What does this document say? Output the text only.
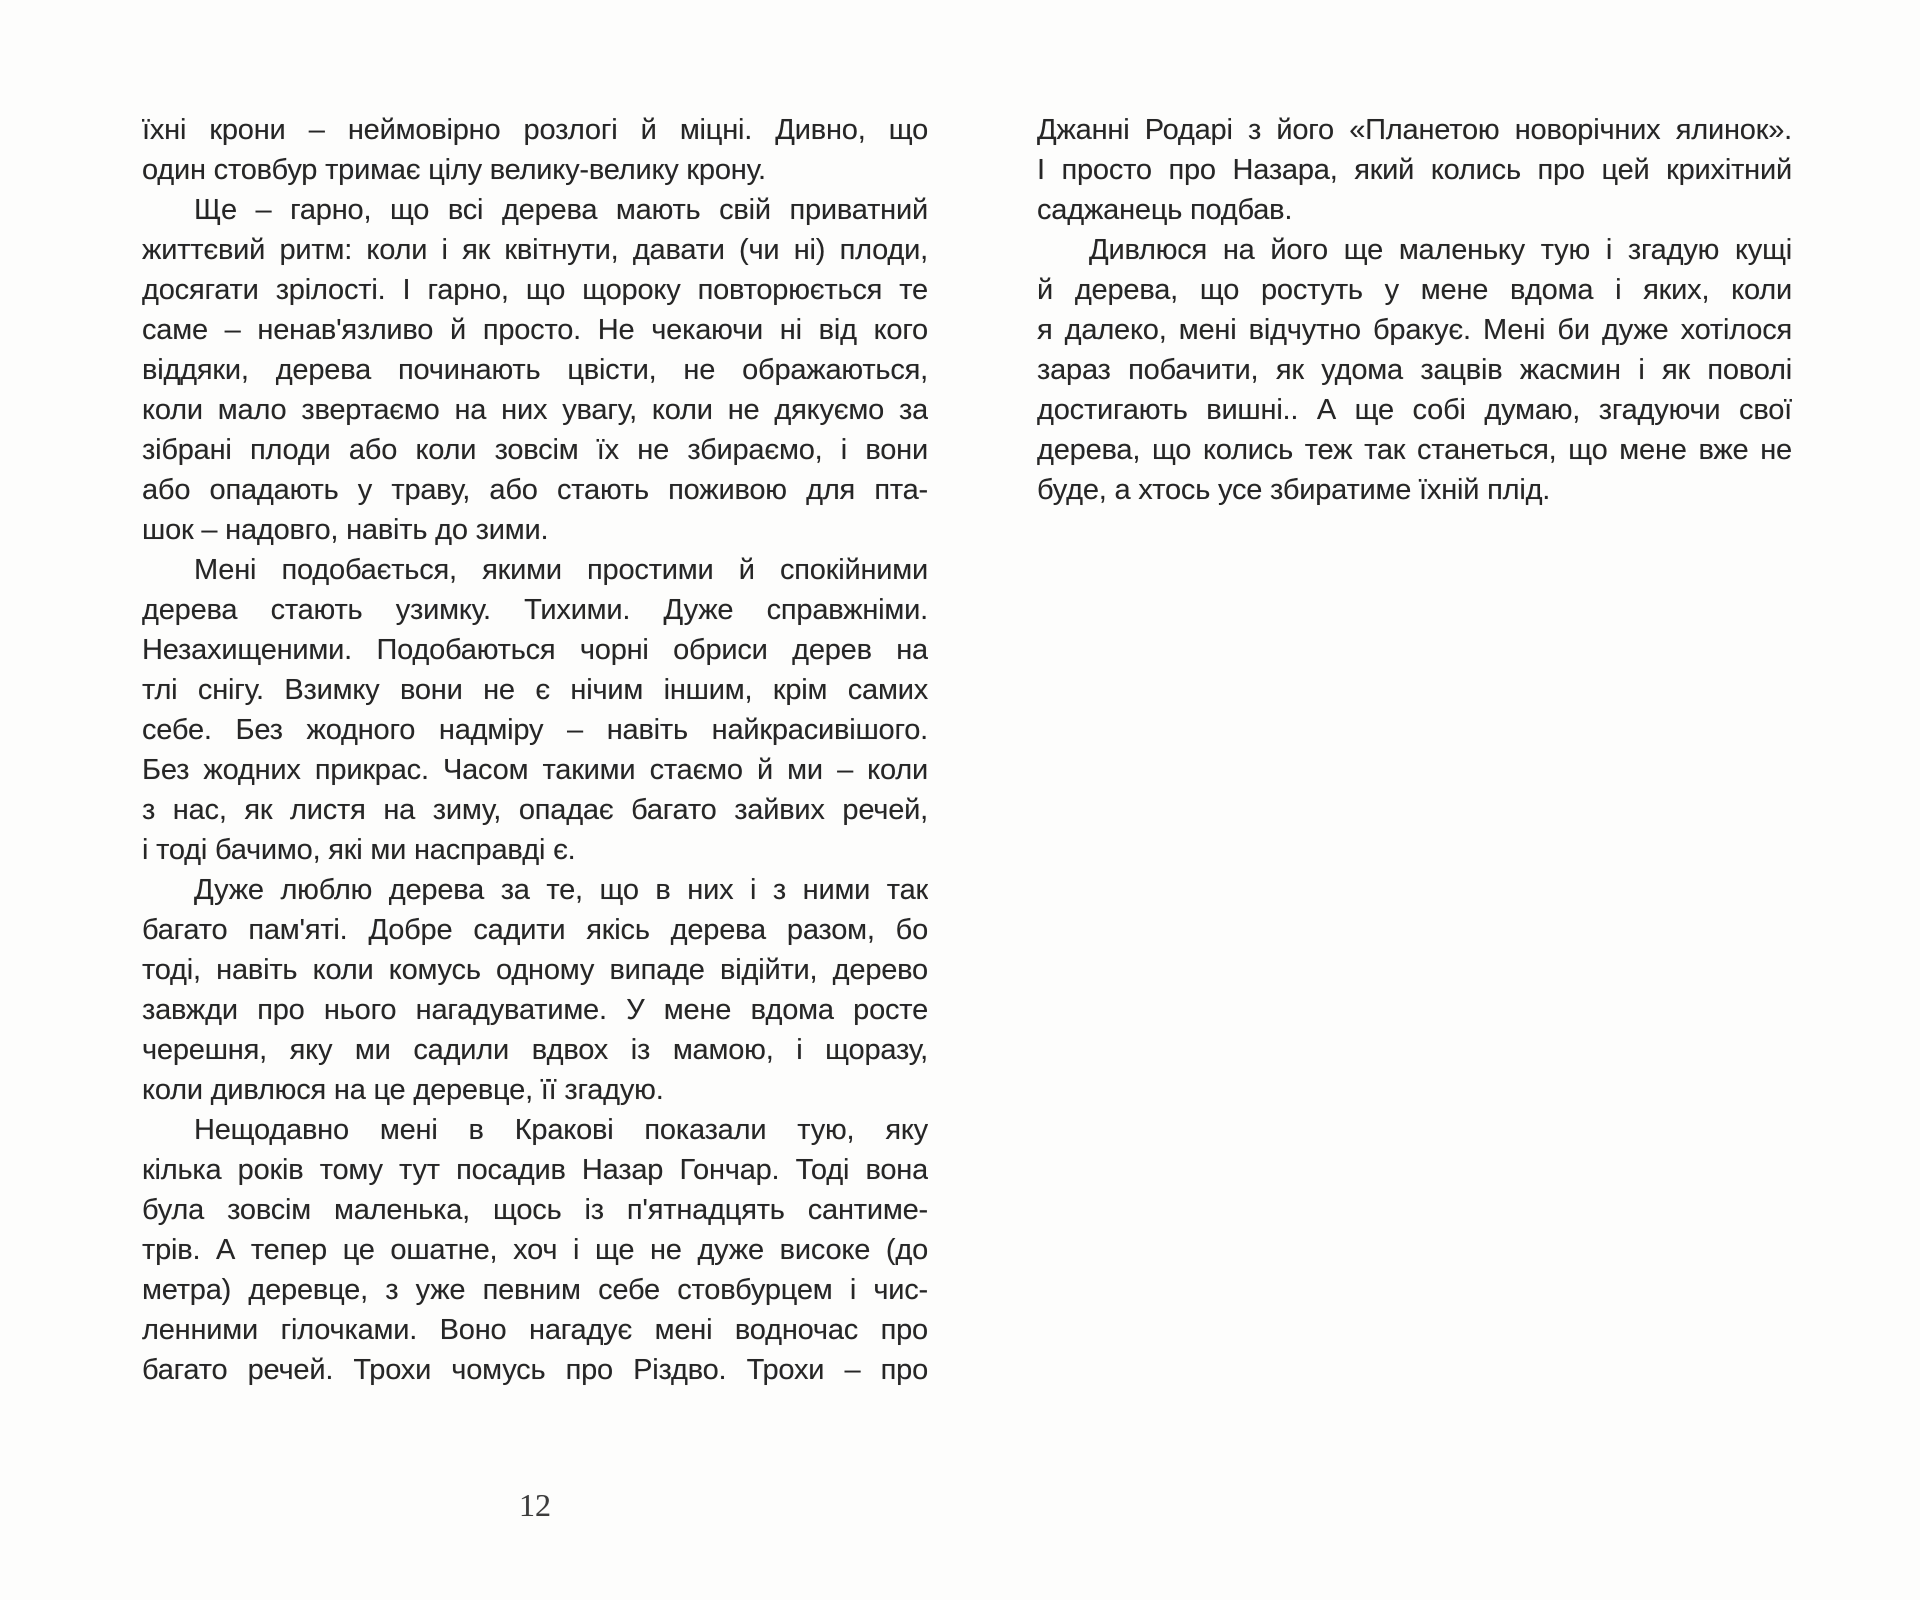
їхні крони – неймовірно розлогі й міцні. Дивно, що
один стовбур тримає цілу велику-велику крону.
Ще – гарно, що всі дерева мають свій приватний
життєвий ритм: коли і як квітнути, давати (чи ні) плоди,
досягати зрілості. І гарно, що щороку повторюється те
саме – ненав'язливо й просто. Не чекаючи ні від кого
віддяки, дерева починають цвісти, не ображаються,
коли мало звертаємо на них увагу, коли не дякуємо за
зібрані плоди або коли зовсім їх не збираємо, і вони
або опадають у траву, або стають поживою для пта-
шок – надовго, навіть до зими.
Мені подобається, якими простими й спокійними
дерева стають узимку. Тихими. Дуже справжніми.
Незахищеними. Подобаються чорні обриси дерев на
тлі снігу. Взимку вони не є нічим іншим, крім самих
себе. Без жодного надміру – навіть найкрасивішого.
Без жодних прикрас. Часом такими стаємо й ми – коли
з нас, як листя на зиму, опадає багато зайвих речей,
і тоді бачимо, які ми насправді є.
Дуже люблю дерева за те, що в них і з ними так
багато пам'яті. Добре садити якісь дерева разом, бо
тоді, навіть коли комусь одному випаде відійти, дерево
завжди про нього нагадуватиме. У мене вдома росте
черешня, яку ми садили вдвох із мамою, і щоразу,
коли дивлюся на це деревце, її згадую.
Нещодавно мені в Кракові показали тую, яку
кілька років тому тут посадив Назар Гончар. Тоді вона
була зовсім маленька, щось із п'ятнадцять сантиме-
трів. А тепер це ошатне, хоч і ще не дуже високе (до
метра) деревце, з уже певним себе стовбурцем і чис-
ленними гілочками. Воно нагадує мені водночас про
багато речей. Трохи чомусь про Різдво. Трохи – про
Джанні Родарі з його «Планетою новорічних ялинок».
І просто про Назара, який колись про цей крихітний
саджанець подбав.
Дивлюся на його ще маленьку тую і згадую кущі
й дерева, що ростуть у мене вдома і яких, коли
я далеко, мені відчутно бракує. Мені би дуже хотілося
зараз побачити, як удома зацвів жасмин і як поволі
достигають вишні.. А ще собі думаю, згадуючи свої
дерева, що колись теж так станеться, що мене вже не
буде, а хтось усе збиратиме їхній плід.
12
